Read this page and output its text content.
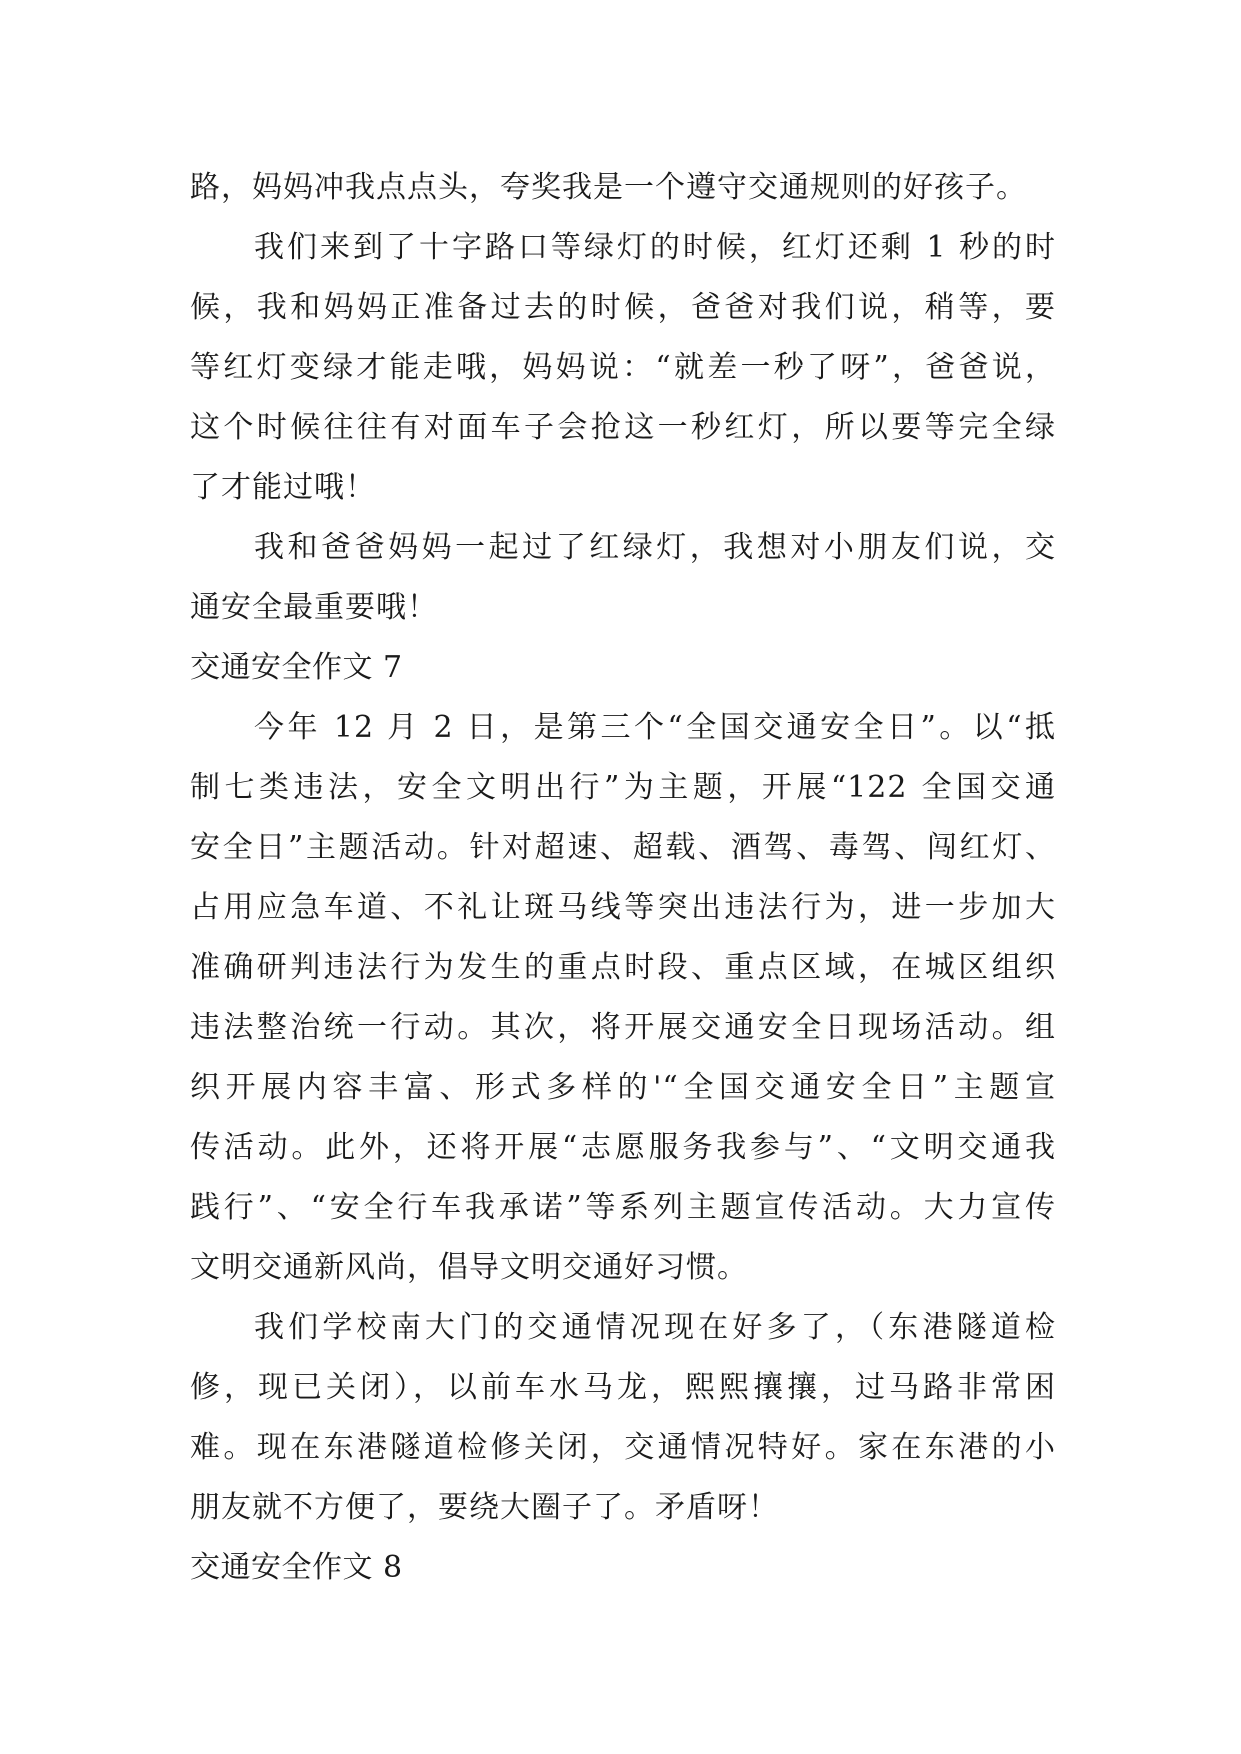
路，妈妈冲我点点头，夸奖我是一个遵守交通规则的好孩子。
我们来到了十字路口等绿灯的时候，红灯还剩 1 秒的时
候，我和妈妈正准备过去的时候，爸爸对我们说，稍等，要
等红灯变绿才能走哦，妈妈说：“就差一秒了呀”，爸爸说，
这个时候往往有对面车子会抢这一秒红灯，所以要等完全绿
了才能过哦！
我和爸爸妈妈一起过了红绿灯，我想对小朋友们说，交
通安全最重要哦！
交通安全作文 7
今年 12 月 2 日，是第三个“全国交通安全日”。以“抵
制七类违法，安全文明出行”为主题，开展“122 全国交通
安全日”主题活动。针对超速、超载、酒驾、毒驾、闯红灯、
占用应急车道、不礼让斑马线等突出违法行为，进一步加大
准确研判违法行为发生的重点时段、重点区域，在城区组织
违法整治统一行动。其次，将开展交通安全日现场活动。组
织开展内容丰富、形式多样的'“全国交通安全日”主题宣
传活动。此外，还将开展“志愿服务我参与”、“文明交通我
践行”、“安全行车我承诺”等系列主题宣传活动。大力宣传
文明交通新风尚，倡导文明交通好习惯。
我们学校南大门的交通情况现在好多了，（东港隧道检
修，现已关闭），以前车水马龙，熙熙攘攘，过马路非常困
难。现在东港隧道检修关闭，交通情况特好。家在东港的小
朋友就不方便了，要绕大圈子了。矛盾呀！
交通安全作文 8
